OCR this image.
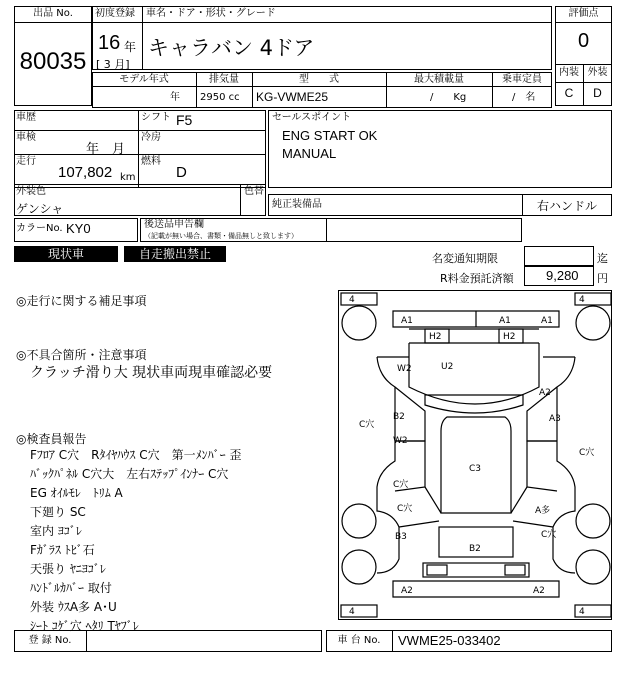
出品 No.
80035
初度登録 車名・ドア・形状・グレード
16 年
[ 3 月]
キャラバン 4ドア
評価点
0
内装 外装
C	D
モデル年式	排気量	型　　式	最大積載量	乗車定員
年 2950 cc KG-VWME25	/　　Kg	/　名
車歴	シフト F5
車検
年　月
冷房
走行
107,802 km
燃料
D
セールスポイント
ENG START OK
MANUAL
外装色
ゲンシャ
色替
純正装備品	右ハンドル
カラーNo. KY0	後送品申告欄
（記載が無い場合、書類・備品無しと致します）
現状車	自走搬出禁止	名変通知期限	迄
R料金預託済額 9,280 円
◎走行に関する補足事項
◎不具合箇所・注意事項
クラッチ滑り大 現状車両現車確認必要
◎検査員報告
Fﾌﾛｱ C穴　Rﾀｲﾔﾊｳｽ C穴　第一ﾒﾝﾊﾞｰ 歪
ﾊﾞｯｸﾊﾟﾈﾙ C穴大　左右ｽﾃｯﾌﾟｲﾝﾅｰ C穴
EG ｵｲﾙﾓﾚ　ﾄﾘﾑ A
下廻り SC
室内 ﾖｺﾞﾚ
Fｶﾞﾗｽ ﾄﾋﾞ石
天張り ﾔﾆﾖｺﾞﾚ
ﾊﾝﾄﾞﾙｶﾊﾞｰ 取付
外装 ｳｽA多 A･U
ｼｰﾄ ｺｹﾞ穴 ﾍﾀﾘ Tﾔﾌﾞﾚ
4	4
4	4
A1	A1	A1
H2	H2
W2	U2
A2
C穴
B2
W2
A3
C穴
C3
C穴
C穴	A多
B3	C穴
B2
A2	A2
登 録 No.	車 台 No.	VWME25-033402
